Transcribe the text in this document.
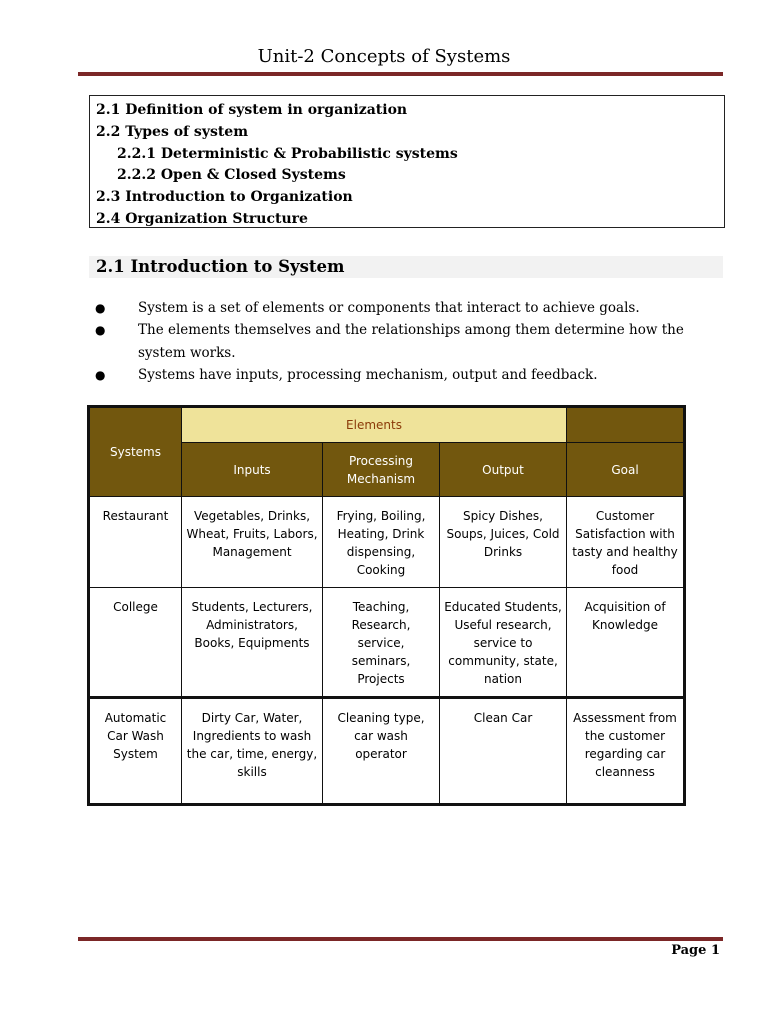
Unit-2 Concepts of Systems
2.1 Definition of system in organization
2.2 Types of system
2.2.1 Deterministic & Probabilistic systems
2.2.2 Open & Closed Systems
2.3 Introduction to Organization
2.4 Organization Structure
2.1 Introduction to System
● System is a set of elements or components that interact to achieve goals.
● The elements themselves and the relationships among them determine how the system works.
● Systems have inputs, processing mechanism, output and feedback.
Systems	Elements			
	Inputs	Processing Mechanism	Output	Goal
Restaurant	Vegetables, Drinks, Wheat, Fruits, Labors, Management	Frying, Boiling, Heating, Drink dispensing, Cooking	Spicy Dishes, Soups, Juices, Cold Drinks	Customer Satisfaction with tasty and healthy food
College	Students, Lecturers, Administrators, Books, Equipments	Teaching, Research, service, seminars, Projects	Educated Students, Useful research, service to community, state, nation	Acquisition of Knowledge
Automatic Car Wash System	Dirty Car, Water, Ingredients to wash the car, time, energy, skills	Cleaning type, car wash operator	Clean Car	Assessment from the customer regarding car cleanness
Page 1
